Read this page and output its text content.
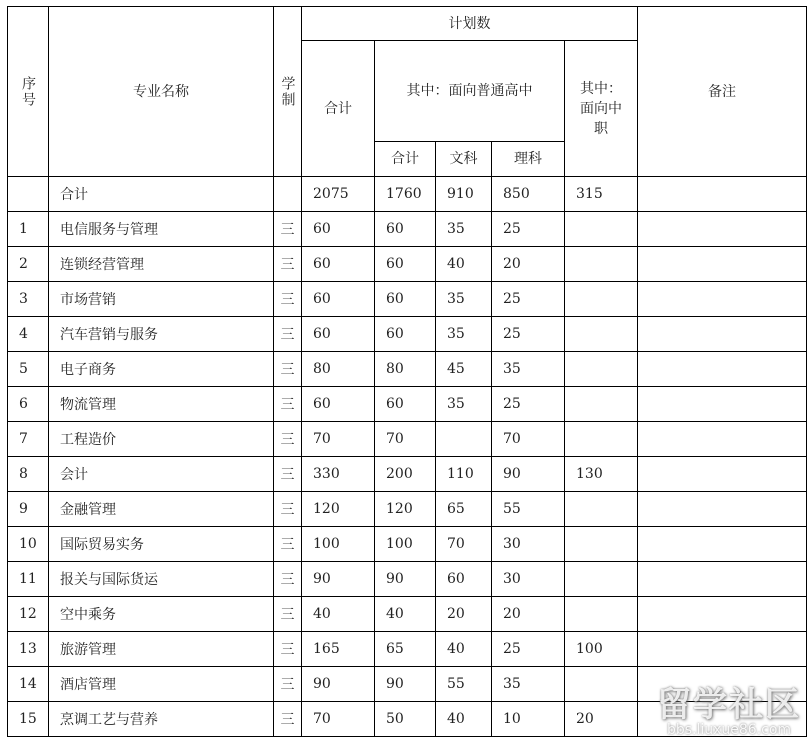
序号	专业名称	学制	计划数					备注
			合计	其中：面向普通高中			其中：面向中职	
				合计	文科	理科		
	合计		2075	1760	910	850	315	
1	电信服务与管理	三	60	60	35	25		
2	连锁经营管理	三	60	60	40	20		
3	市场营销	三	60	60	35	25		
4	汽车营销与服务	三	60	60	35	25		
5	电子商务	三	80	80	45	35		
6	物流管理	三	60	60	35	25		
7	工程造价	三	70	70		70		
8	会计	三	330	200	110	90	130	
9	金融管理	三	120	120	65	55		
10	国际贸易实务	三	100	100	70	30		
11	报关与国际货运	三	90	90	60	30		
12	空中乘务	三	40	40	20	20		
13	旅游管理	三	165	65	40	25	100	
14	酒店管理	三	90	90	55	35		
15	烹调工艺与营养	三	70	50	40	10	20	留学社区
bbs.liuxue86.com
